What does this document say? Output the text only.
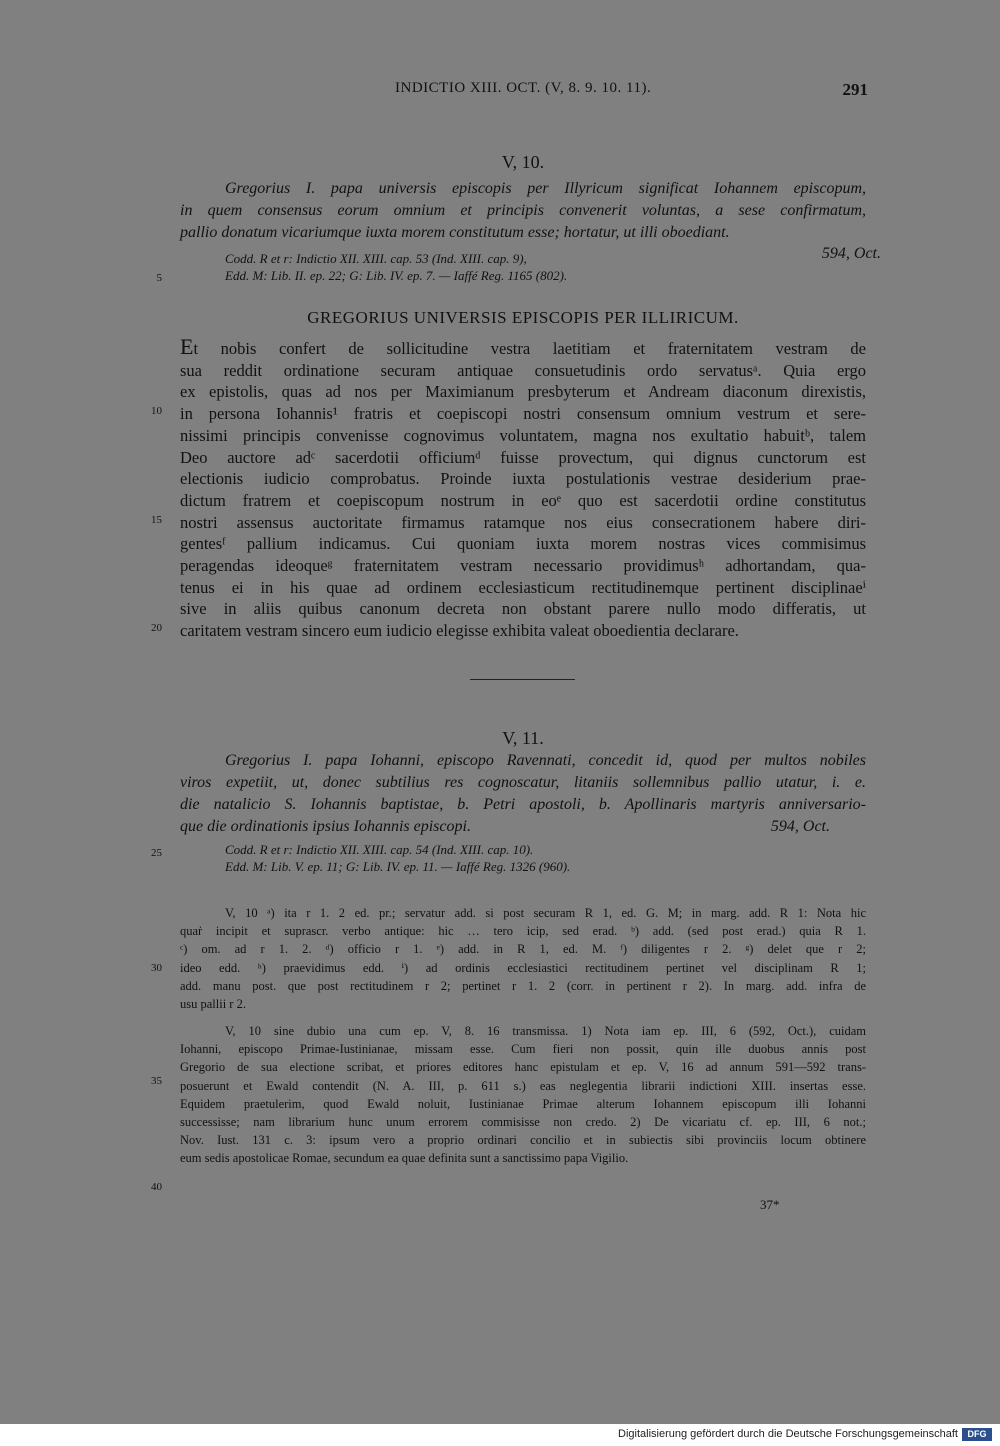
INDICTIO XIII. OCT. (V, 8. 9. 10. 11).	291
V, 10.

Gregorius I. papa universis episcopis per Illyricum significat Iohannem episcopum,

in quem consensus eorum omnium et principis convenerit voluntas, a sese confirmatum,

pallio donatum vicariumque iuxta morem constitutum esse; hortatur, ut illi oboediant.

Codd. R et r: Indictio XII. XIII. cap. 53 (Ind. XIII. cap. 9),
Edd. M: Lib. II. ep. 22; G: Lib. IV. ep. 7. — Iaffé Reg. 1165 (802).
594, Oct.
GREGORIUS UNIVERSIS EPISCOPIS PER ILLIRICUM.

Et nobis confert de sollicitudine vestra laetitiam et fraternitatem vestram de

sua reddit ordinatione securam antiquae consuetudinis ordo servatusᵃ. Quia ergo

ex epistolis, quas ad nos per Maximianum presbyterum et Andream diaconum direxistis,

in persona Iohannis¹ fratris et coepiscopi nostri consensum omnium vestrum et sere-

nissimi principis convenisse cognovimus voluntatem, magna nos exultatio habuitᵇ, talem

Deo auctore adᶜ sacerdotii officiumᵈ fuisse provectum, qui dignus cunctorum est

electionis iudicio comprobatus. Proinde iuxta postulationis vestrae desiderium prae-

dictum fratrem et coepiscopum nostrum in eoᵉ quo est sacerdotii ordine constitutus

nostri assensus auctoritate firmamus ratamque nos eius consecrationem habere diri-

gentesᶠ pallium indicamus. Cui quoniam iuxta morem nostras vices commisimus

peragendas ideoqueᵍ fraternitatem vestram necessario providimusʰ adhortandam, qua-

tenus ei in his quae ad ordinem ecclesiasticum rectitudinemque pertinent disciplinaeⁱ

sive in aliis quibus canonum decreta non obstant parere nullo modo differatis, ut

caritatem vestram sincero eum iudicio elegisse exhibita valeat oboedientia declarare.

V, 11.

Gregorius I. papa Iohanni, episcopo Ravennati, concedit id, quod per multos nobiles

viros expetiit, ut, donec subtilius res cognoscatur, litaniis sollemnibus pallio utatur, i. e.

die natalicio S. Iohannis baptistae, b. Petri apostoli, b. Apollinaris martyris anniversario-

que die ordinationis ipsius Iohannis episcopi.	594, Oct.

Codd. R et r: Indictio XII. XIII. cap. 54 (Ind. XIII. cap. 10).
Edd. M: Lib. V. ep. 11; G: Lib. IV. ep. 11. — Iaffé Reg. 1326 (960).

V, 10 ᵃ) ita r 1. 2 ed. pr.; servatur add. si post securam R 1, ed. G. M; in marg. add. R 1: Nota hic

quaṙ incipit et suprascr. verbo antique: hic … tero icip, sed erad. ᵇ) add. (sed post erad.) quia R 1.

ᶜ) om. ad r 1. 2. ᵈ) officio r 1. ᵉ) add. in R 1, ed. M. ᶠ) diligentes r 2. ᵍ) delet que r 2;

ideo edd. ʰ) praevidimus edd. ⁱ) ad ordinis ecclesiastici rectitudinem pertinet vel disciplinam R 1;

add. manu post. que post rectitudinem r 2; pertinet r 1. 2 (corr. in pertinent r 2). In marg. add. infra de

usu pallii r 2.

V, 10 sine dubio una cum ep. V, 8. 16 transmissa. 1) Nota iam ep. III, 6 (592, Oct.), cuidam

Iohanni, episcopo Primae-Iustinianae, missam esse. Cum fieri non possit, quin ille duobus annis post

Gregorio de sua electione scribat, et priores editores hanc epistulam et ep. V, 16 ad annum 591—592 trans-

posuerunt et Ewald contendit (N. A. III, p. 611 s.) eas neglegentia librarii indictioni XIII. insertas esse.

Equidem praetulerim, quod Ewald noluit, Iustinianae Primae alterum Iohannem episcopum illi Iohanni

successisse; nam librarium hunc unum errorem commisisse non credo. 2) De vicariatu cf. ep. III, 6 not.;

Nov. Iust. 131 c. 3: ipsum vero a proprio ordinari concilio et in subiectis sibi provinciis locum obtinere

eum sedis apostolicae Romae, secundum ea quae definita sunt a sanctissimo papa Vigilio.

37*
5
10
15
20
25
30
35
40
Digitalisierung gefördert durch die Deutsche Forschungsgemeinschaft	DFG
